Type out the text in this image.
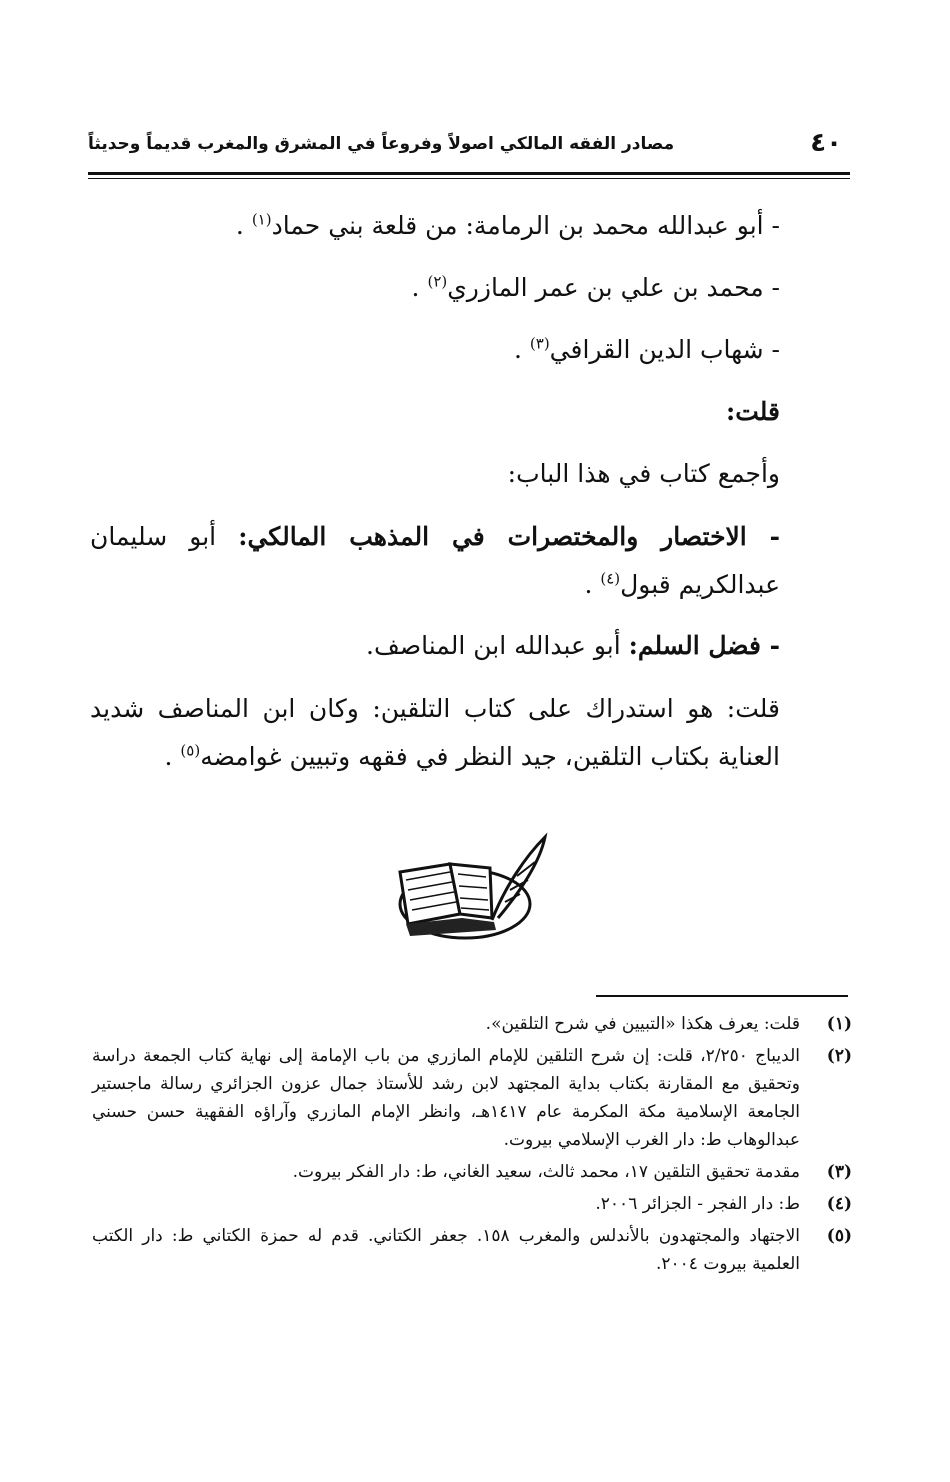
٤٠
مصادر الفقه المالكي اصولاً وفروعاً في المشرق والمغرب قديماً وحديثاً
- أبو عبدالله محمد بن الرمامة: من قلعة بني حماد$^{(١)}$ .
- محمد بن علي بن عمر المازري$^{(٢)}$ .
- شهاب الدين القرافي$^{(٣)}$ .
قلت:
وأجمع كتاب في هذا الباب:
- الاختصار والمختصرات في المذهب المالكي: أبو سليمان عبدالكريم قبول$^{(٤)}$ .
- فضل السلم: أبو عبدالله ابن المناصف.
قلت: هو استدراك على كتاب التلقين: وكان ابن المناصف شديد العناية بكتاب التلقين، جيد النظر في فقهه وتبيين غوامضه$^{(٥)}$ .
(١)
قلت: يعرف هكذا «التبيين في شرح التلقين».
(٢)
الديباج ٢/٢٥٠، قلت: إن شرح التلقين للإمام المازري من باب الإمامة إلى نهاية كتاب الجمعة دراسة وتحقيق مع المقارنة بكتاب بداية المجتهد لابن رشد للأستاذ جمال عزون الجزائري رسالة ماجستير الجامعة الإسلامية مكة المكرمة عام ١٤١٧هـ، وانظر الإمام المازري وآراؤه الفقهية حسن حسني عبدالوهاب ط: دار الغرب الإسلامي بيروت.
(٣)
مقدمة تحقيق التلقين ١٧، محمد ثالث، سعيد الغاني، ط: دار الفكر بيروت.
(٤)
ط: دار الفجر - الجزائر ٢٠٠٦.
(٥)
الاجتهاد والمجتهدون بالأندلس والمغرب ١٥٨. جعفر الكتاني. قدم له حمزة الكتاني ط: دار الكتب العلمية بيروت ٢٠٠٤.
